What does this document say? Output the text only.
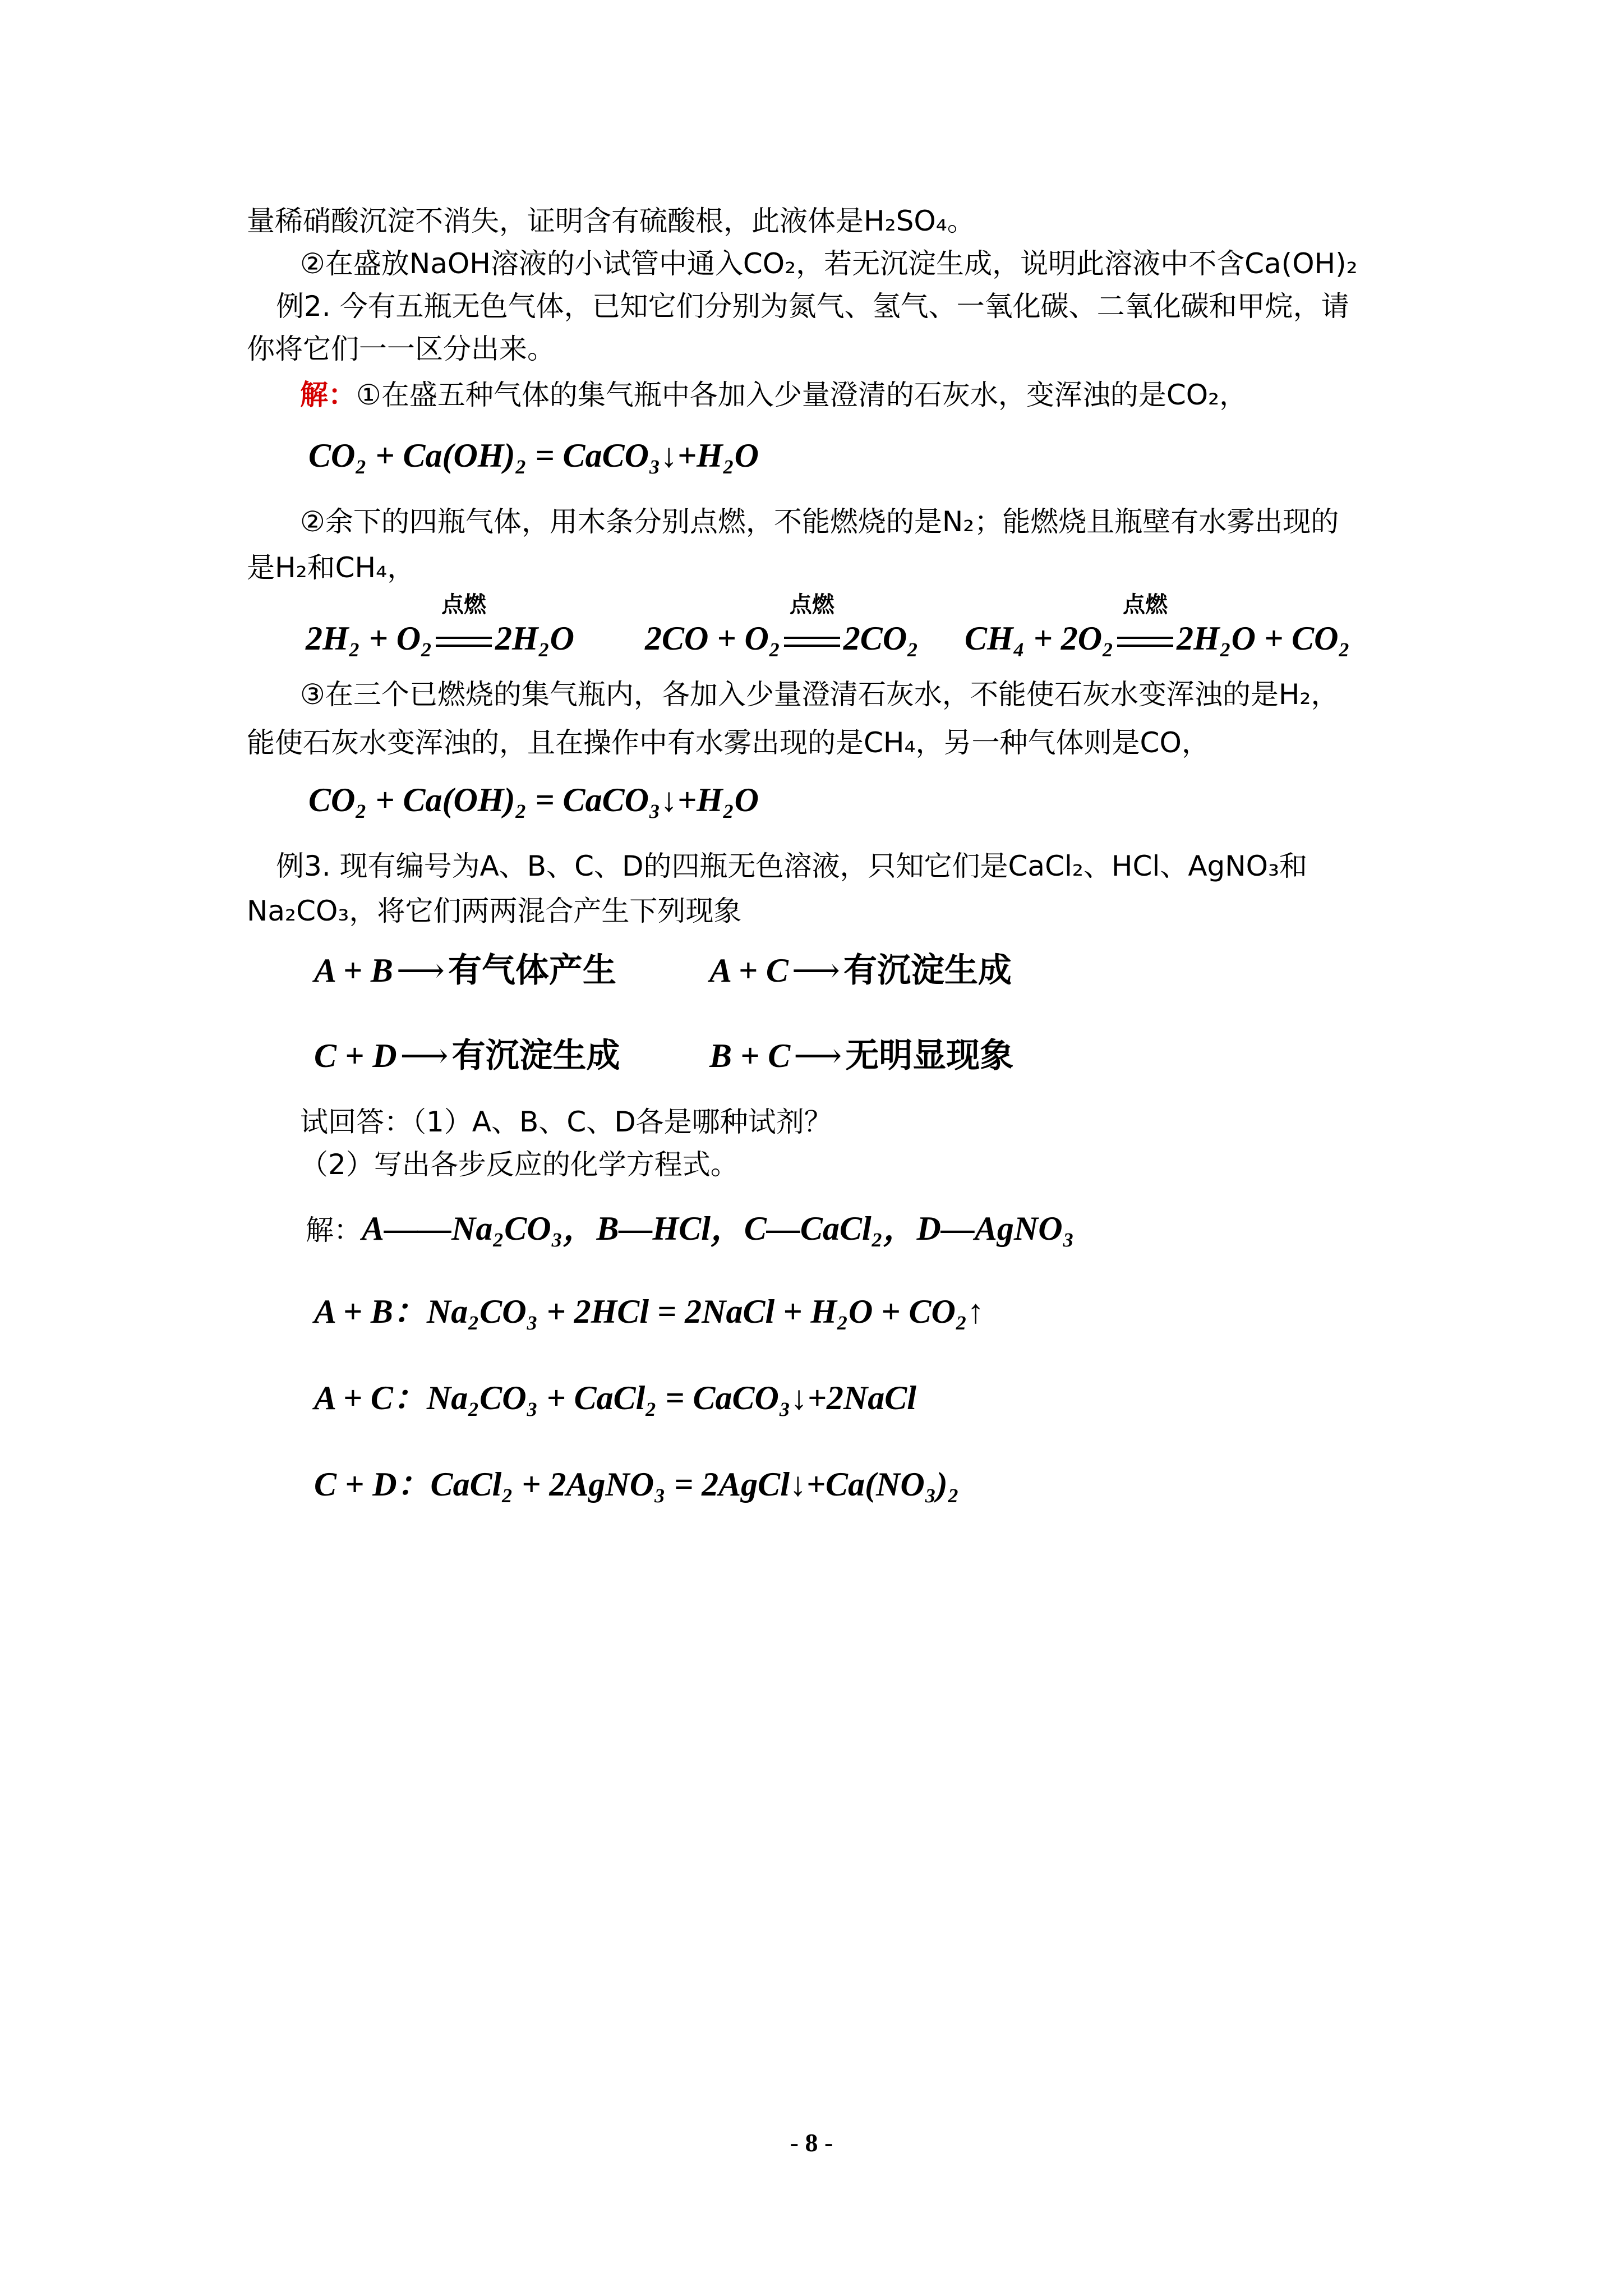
量稀硝酸沉淀不消失，证明含有硫酸根，此液体是H₂SO₄。
②在盛放NaOH溶液的小试管中通入CO₂，若无沉淀生成，说明此溶液中不含Ca(OH)₂
例2. 今有五瓶无色气体，已知它们分别为氮气、氢气、一氧化碳、二氧化碳和甲烷，请
你将它们一一区分出来。
解：①在盛五种气体的集气瓶中各加入少量澄清的石灰水，变浑浊的是CO₂，
CO₂ + Ca(OH)₂ = CaCO₃↓+H₂O
②余下的四瓶气体，用木条分别点燃，不能燃烧的是N₂；能燃烧且瓶壁有水雾出现的
是H₂和CH₄，
2H₂ + O₂
点燃
2H₂O 2CO + O₂
点燃
2CO₂ CH₄ + 2O₂
点燃
2H₂O + CO₂
③在三个已燃烧的集气瓶内，各加入少量澄清石灰水，不能使石灰水变浑浊的是H₂，
能使石灰水变浑浊的，且在操作中有水雾出现的是CH₄，另一种气体则是CO，
CO₂ + Ca(OH)₂ = CaCO₃↓+H₂O
例3. 现有编号为A、B、C、D的四瓶无色溶液，只知它们是CaCl₂、HCl、AgNO₃和
Na₂CO₃，将它们两两混合产生下列现象
A + B ⟶ 有气体产生	A + C ⟶ 有沉淀生成
C + D ⟶ 有沉淀生成	B + C ⟶ 无明显现象
试回答：（1）A、B、C、D各是哪种试剂？
（2）写出各步反应的化学方程式。
解：A——Na₂CO₃，B—HCl，C—CaCl₂，D—AgNO₃
A + B：Na₂CO₃ + 2HCl = 2NaCl + H₂O + CO₂↑
A + C：Na₂CO₃ + CaCl₂ = CaCO₃↓+2NaCl
C + D：CaCl₂ + 2AgNO₃ = 2AgCl↓+Ca(NO₃)₂
- 8 -
